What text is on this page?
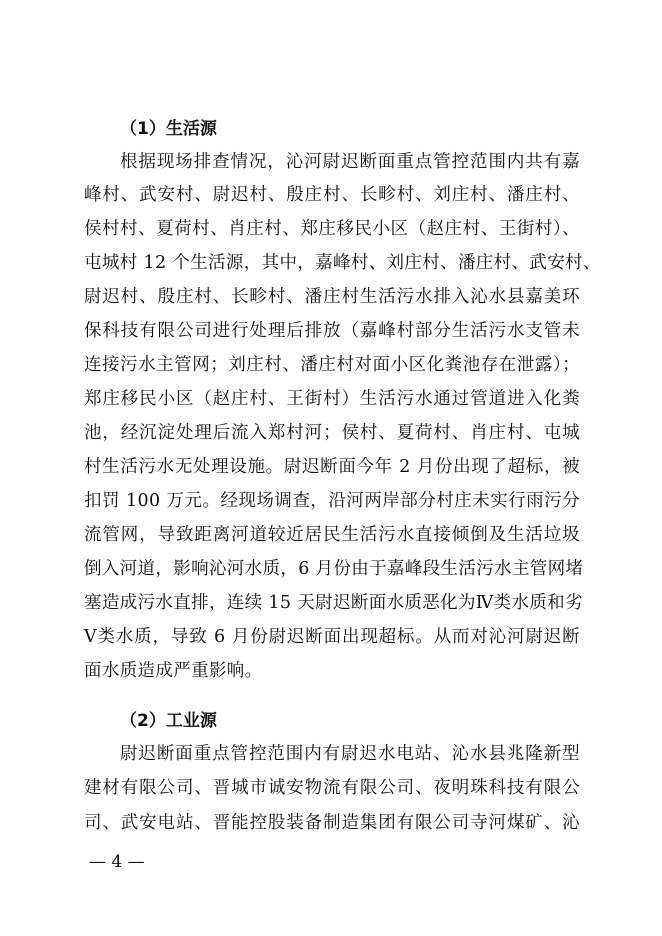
（1）生活源
根据现场排查情况，沁河尉迟断面重点管控范围内共有嘉
峰村、武安村、尉迟村、殷庄村、长畛村、刘庄村、潘庄村、
侯村村、夏荷村、肖庄村、郑庄移民小区（赵庄村、王街村）、
屯城村 12 个生活源，其中，嘉峰村、刘庄村、潘庄村、武安村、
尉迟村、殷庄村、长畛村、潘庄村生活污水排入沁水县嘉美环
保科技有限公司进行处理后排放（嘉峰村部分生活污水支管未
连接污水主管网；刘庄村、潘庄村对面小区化粪池存在泄露）；
郑庄移民小区（赵庄村、王街村）生活污水通过管道进入化粪
池，经沉淀处理后流入郑村河；侯村、夏荷村、肖庄村、屯城
村生活污水无处理设施。尉迟断面今年 2 月份出现了超标，被
扣罚 100 万元。经现场调查，沿河两岸部分村庄未实行雨污分
流管网，导致距离河道较近居民生活污水直接倾倒及生活垃圾
倒入河道，影响沁河水质，6 月份由于嘉峰段生活污水主管网堵
塞造成污水直排，连续 15 天尉迟断面水质恶化为Ⅳ类水质和劣
Ⅴ类水质，导致 6 月份尉迟断面出现超标。从而对沁河尉迟断
面水质造成严重影响。
（2）工业源
尉迟断面重点管控范围内有尉迟水电站、沁水县兆隆新型
建材有限公司、晋城市诚安物流有限公司、夜明珠科技有限公
司、武安电站、晋能控股装备制造集团有限公司寺河煤矿、沁
— 4 —
